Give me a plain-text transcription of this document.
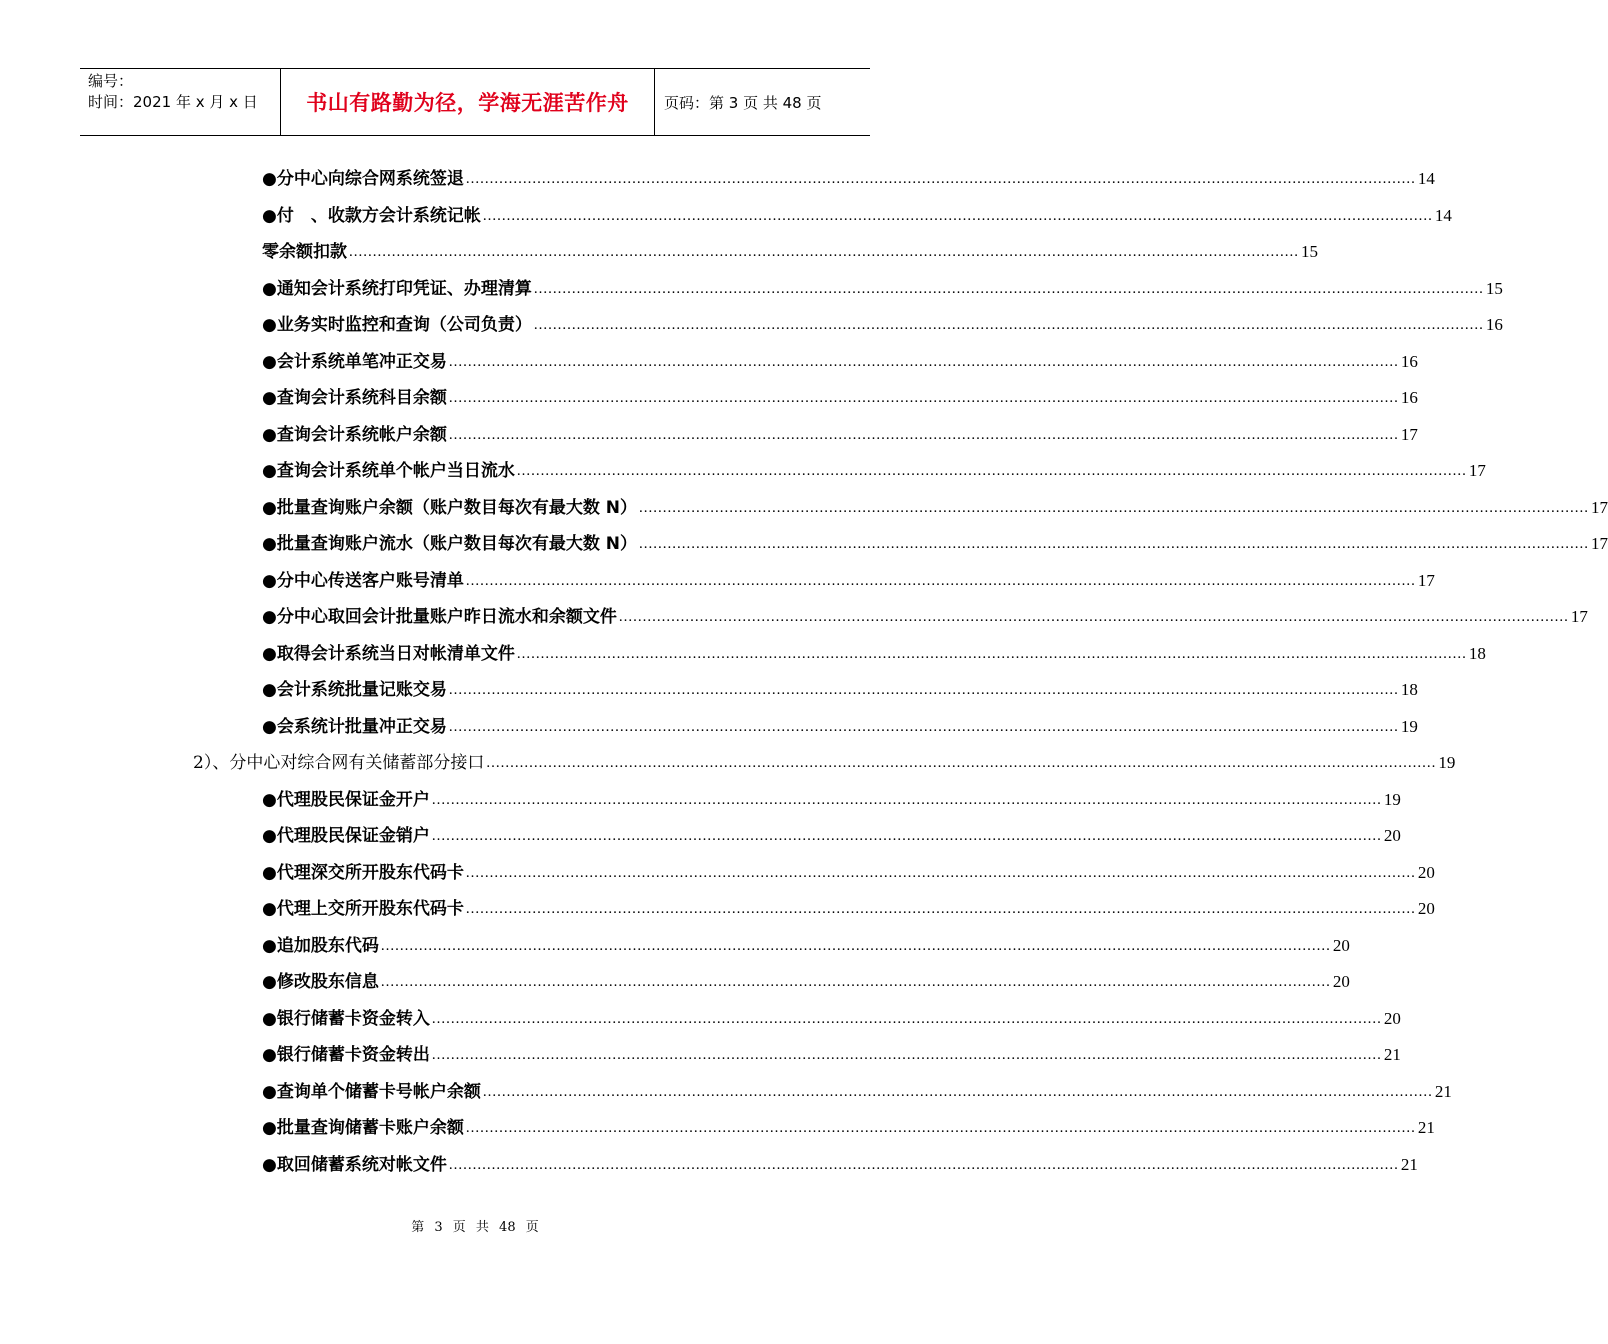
编号：
时间：2021 年 x 月 x 日	书山有路勤为径，学海无涯苦作舟	页码：第 3 页 共 48 页
●分中心向综合网系统签退 ........................................................................................................................................................................................................ 14
●付　、收款方会计系统记帐 ........................................................................................................................................................................................................ 14
零余额扣款 ........................................................................................................................................................................................................ 15
●通知会计系统打印凭证、办理清算 ........................................................................................................................................................................................................ 15
●业务实时监控和查询（公司负责） ........................................................................................................................................................................................................ 16
●会计系统单笔冲正交易 ........................................................................................................................................................................................................ 16
●查询会计系统科目余额 ........................................................................................................................................................................................................ 16
●查询会计系统帐户余额 ........................................................................................................................................................................................................ 17
●查询会计系统单个帐户当日流水 ........................................................................................................................................................................................................ 17
●批量查询账户余额（账户数目每次有最大数 N） ........................................................................................................................................................................................................ 17
●批量查询账户流水（账户数目每次有最大数 N） ........................................................................................................................................................................................................ 17
●分中心传送客户账号清单 ........................................................................................................................................................................................................ 17
●分中心取回会计批量账户昨日流水和余额文件 ........................................................................................................................................................................................................ 17
●取得会计系统当日对帐清单文件 ........................................................................................................................................................................................................ 18
●会计系统批量记账交易 ........................................................................................................................................................................................................ 18
●会系统计批量冲正交易 ........................................................................................................................................................................................................ 19
2）、分中心对综合网有关储蓄部分接口 ........................................................................................................................................................................................................ 19
●代理股民保证金开户 ........................................................................................................................................................................................................ 19
●代理股民保证金销户 ........................................................................................................................................................................................................ 20
●代理深交所开股东代码卡 ........................................................................................................................................................................................................ 20
●代理上交所开股东代码卡 ........................................................................................................................................................................................................ 20
●追加股东代码 ........................................................................................................................................................................................................ 20
●修改股东信息 ........................................................................................................................................................................................................ 20
●银行储蓄卡资金转入 ........................................................................................................................................................................................................ 20
●银行储蓄卡资金转出 ........................................................................................................................................................................................................ 21
●查询单个储蓄卡号帐户余额 ........................................................................................................................................................................................................ 21
●批量查询储蓄卡账户余额 ........................................................................................................................................................................................................ 21
●取回储蓄系统对帐文件 ........................................................................................................................................................................................................ 21
第 3 页 共 48 页
